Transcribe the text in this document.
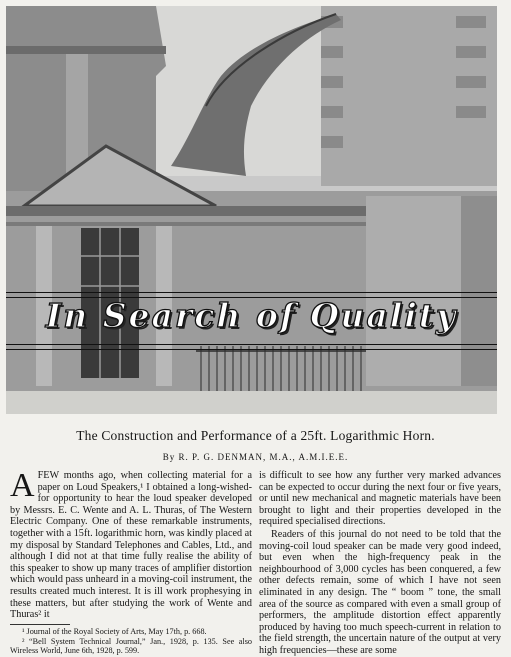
In Search of Quality
The Construction and Performance of a 25ft. Logarithmic Horn.
By R. P. G. DENMAN, M.A., A.M.I.E.E.

AFEW months ago, when collecting material for a paper on Loud Speakers,¹ I obtained a long-wished-for opportunity to hear the loud speaker developed by Messrs. E. C. Wente and A. L. Thuras, of The Western Electric Company. One of these remarkable instruments, together with a 15ft. logarithmic horn, was kindly placed at my disposal by Standard Telephones and Cables, Ltd., and although I did not at that time fully realise the ability of this speaker to show up many traces of amplifier distortion which would pass unheard in a moving-coil instrument, the results created much interest. It is ill work prophesying in these matters, but after studying the work of Wente and Thuras² it

¹ Journal of the Royal Society of Arts, May 17th, p. 668.

² “Bell System Technical Journal,” Jan., 1928, p. 135. See also Wireless World, June 6th, 1928, p. 599.

is difficult to see how any further very marked advances can be expected to occur during the next four or five years, or until new mechanical and magnetic materials have been brought to light and their properties developed in the required specialised directions.

Readers of this journal do not need to be told that the moving-coil loud speaker can be made very good indeed, but even when the high-frequency peak in the neighbourhood of 3,000 cycles has been conquered, a few other defects remain, some of which I have not seen eliminated in any design. The “ boom ” tone, the small area of the source as compared with even a small group of performers, the amplitude distortion effect apparently produced by having too much speech-current in relation to the field strength, the uncertain nature of the output at very high frequencies—these are some
